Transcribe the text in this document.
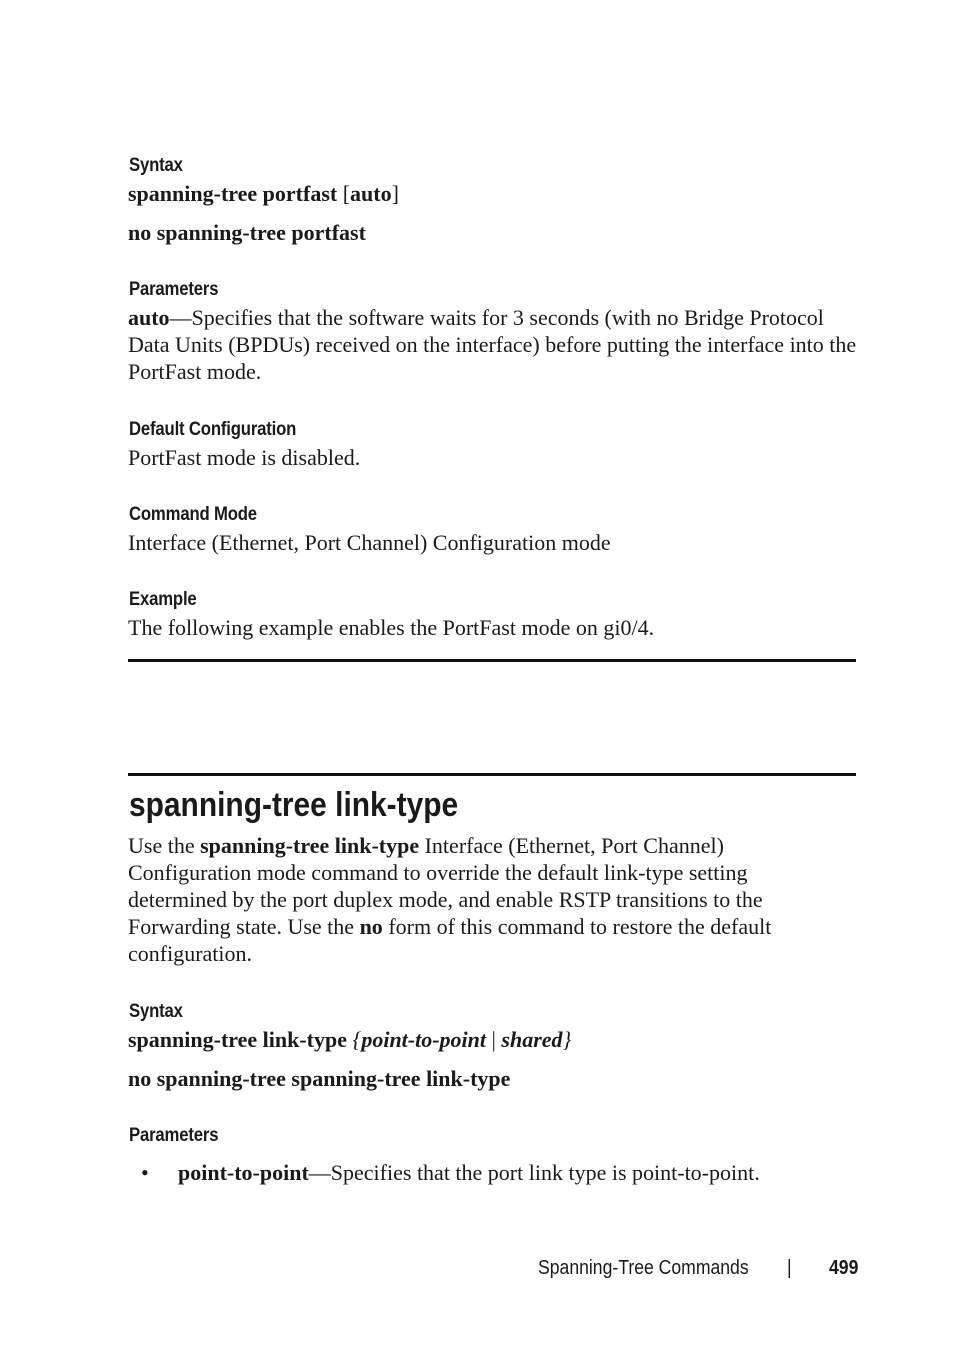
Syntax
spanning-tree portfast [auto]
no spanning-tree portfast
Parameters
auto—Specifies that the software waits for 3 seconds (with no Bridge Protocol Data Units (BPDUs) received on the interface) before putting the interface into the PortFast mode.
Default Configuration
PortFast mode is disabled.
Command Mode
Interface (Ethernet, Port Channel) Configuration mode
Example
The following example enables the PortFast mode on gi0/4.
spanning-tree link-type
Use the spanning-tree link-type Interface (Ethernet, Port Channel) Configuration mode command to override the default link-type setting determined by the port duplex mode, and enable RSTP transitions to the Forwarding state. Use the no form of this command to restore the default configuration.
Syntax
spanning-tree link-type {point-to-point | shared}
no spanning-tree spanning-tree link-type
Parameters
• point-to-point—Specifies that the port link type is point-to-point.
Spanning-Tree Commands | 499
